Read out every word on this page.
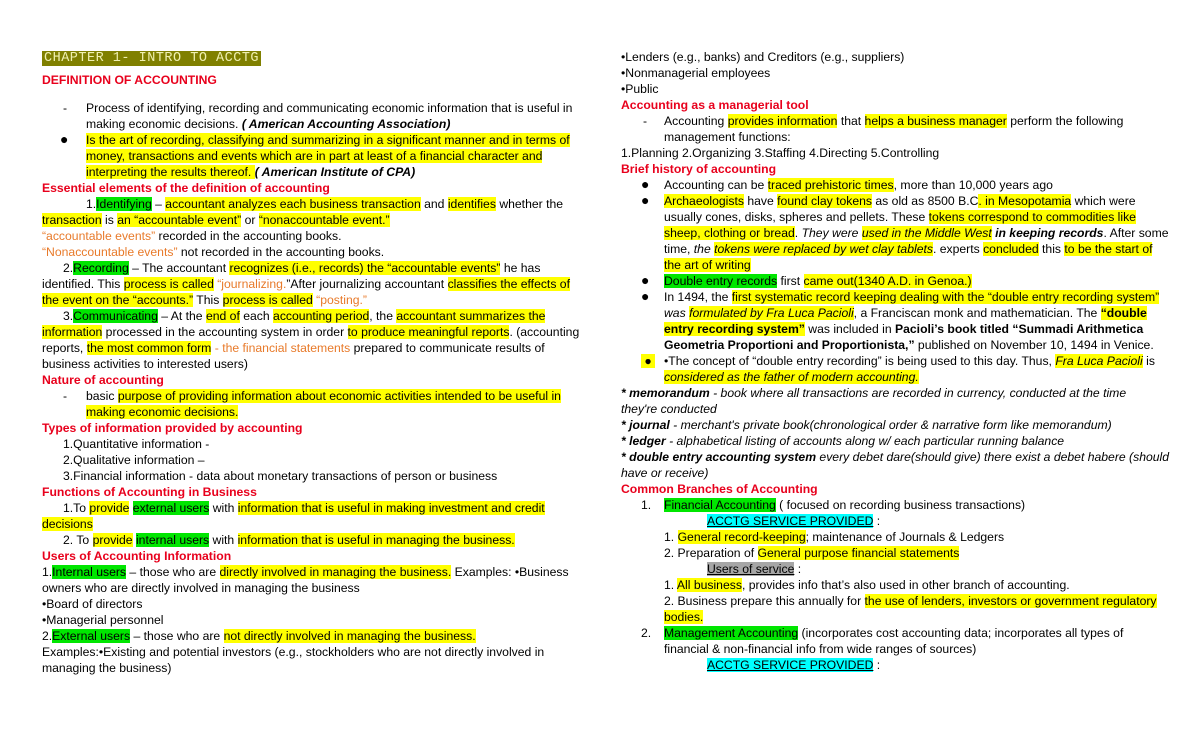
CHAPTER 1- INTRO TO ACCTG
DEFINITION OF ACCOUNTING
- Process of identifying, recording and communicating economic information that is useful in
making economic decisions. ( American Accounting Association)
● Is the art of recording, classifying and summarizing in a significant manner and in terms of
money, transactions and events which are in part at least of a financial character and
interpreting the results thereof. ( American Institute of CPA)
Essential elements of the definition of accounting
1.Identifying – accountant analyzes each business transaction and identifies whether the
transaction is an “accountable event” or “nonaccountable event.”
“accountable events” recorded in the accounting books.
“Nonaccountable events” not recorded in the accounting books.
2.Recording – The accountant recognizes (i.e., records) the “accountable events” he has
identified. This process is called “journalizing.”After journalizing accountant classifies the effects of
the event on the “accounts.” This process is called “posting.”
3.Communicating – At the end of each accounting period, the accountant summarizes the
information processed in the accounting system in order to produce meaningful reports. (accounting
reports, the most common form - the financial statements prepared to communicate results of
business activities to interested users)
Nature of accounting
- basic purpose of providing information about economic activities intended to be useful in
making economic decisions.
Types of information provided by accounting
1.Quantitative information -
2.Qualitative information –
3.Financial information - data about monetary transactions of person or business
Functions of Accounting in Business
1.To provide external users with information that is useful in making investment and credit
decisions
2. To provide internal users with information that is useful in managing the business.
Users of Accounting Information
1.Internal users – those who are directly involved in managing the business. Examples: •Business
owners who are directly involved in managing the business
•Board of directors
•Managerial personnel
2.External users – those who are not directly involved in managing the business.
Examples:•Existing and potential investors (e.g., stockholders who are not directly involved in
managing the business)
•Lenders (e.g., banks) and Creditors (e.g., suppliers)
•Nonmanagerial employees
•Public
Accounting as a managerial tool
- Accounting provides information that helps a business manager perform the following
management functions:
1.Planning 2.Organizing 3.Staffing 4.Directing 5.Controlling
Brief history of accounting
● Accounting can be traced prehistoric times, more than 10,000 years ago
● Archaeologists have found clay tokens as old as 8500 B.C. in Mesopotamia which were
usually cones, disks, spheres and pellets. These tokens correspond to commodities like
sheep, clothing or bread. They were used in the Middle West in keeping records. After some
time, the tokens were replaced by wet clay tablets. experts concluded this to be the start of
the art of writing
● Double entry records first came out(1340 A.D. in Genoa.)
● In 1494, the first systematic record keeping dealing with the “double entry recording system”
was formulated by Fra Luca Pacioli, a Franciscan monk and mathematician. The “double
entry recording system” was included in Pacioli’s book titled “Summadi Arithmetica
Geometria Proportioni and Proportionista,” published on November 10, 1494 in Venice.
● •The concept of “double entry recording” is being used to this day. Thus, Fra Luca Pacioli is
considered as the father of modern accounting.
* memorandum - book where all transactions are recorded in currency, conducted at the time
they're conducted
* journal - merchant's private book(chronological order & narrative form like memorandum)
* ledger - alphabetical listing of accounts along w/ each particular running balance
* double entry accounting system every debet dare(should give) there exist a debet habere (should
have or receive)
Common Branches of Accounting
1. Financial Accounting ( focused on recording business transactions)
ACCTG SERVICE PROVIDED :
1. General record-keeping; maintenance of Journals & Ledgers
2. Preparation of General purpose financial statements
Users of service :
1. All business, provides info that’s also used in other branch of accounting.
2. Business prepare this annually for the use of lenders, investors or government regulatory
bodies.
2. Management Accounting (incorporates cost accounting data; incorporates all types of
financial & non-financial info from wide ranges of sources)
ACCTG SERVICE PROVIDED :
